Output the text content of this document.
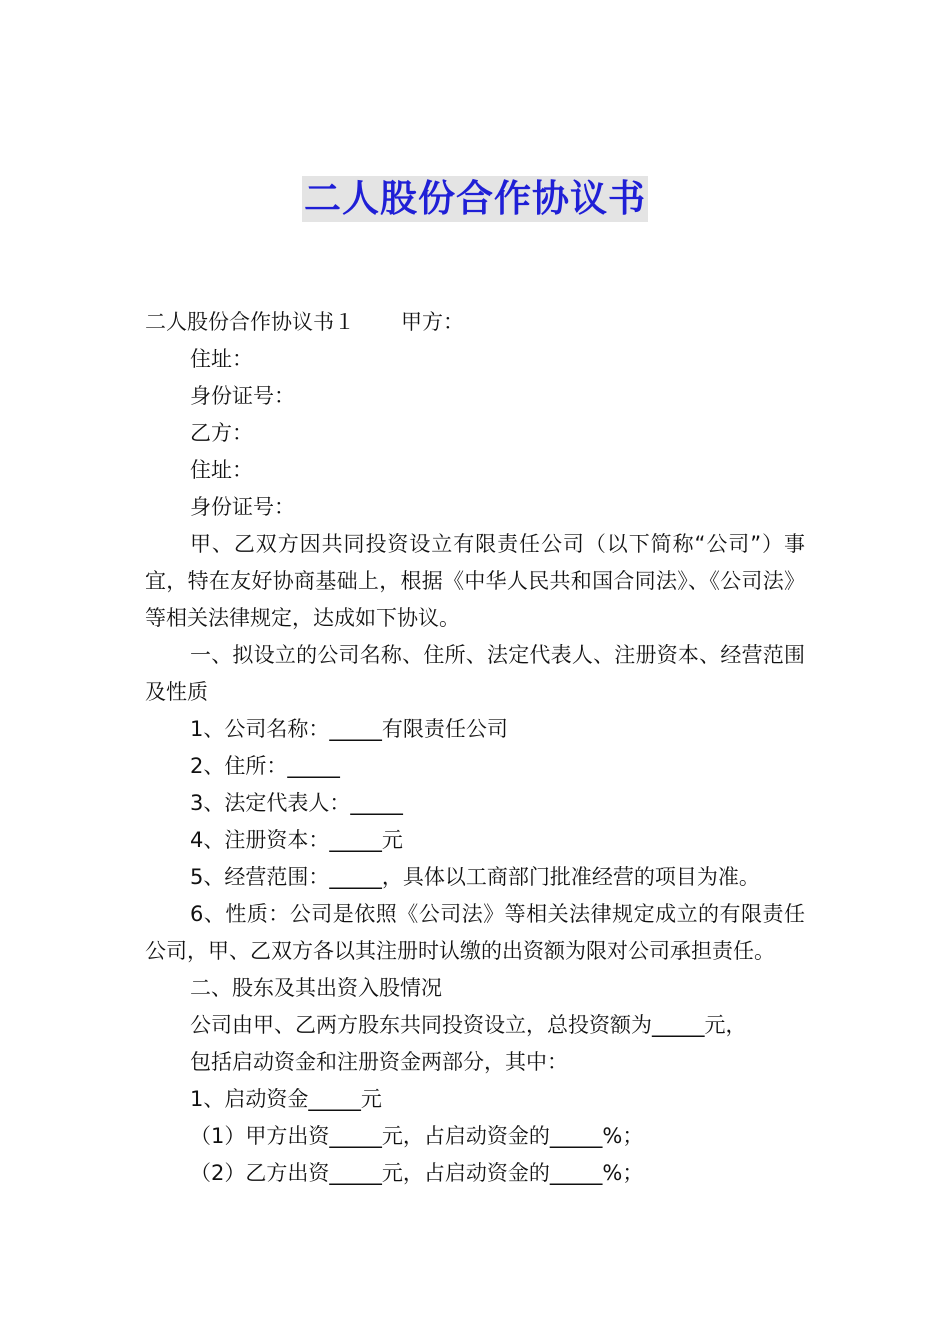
二人股份合作协议书

二人股份合作协议书１ 甲方：

住址：

身份证号：

乙方：

住址：

身份证号：

甲、乙双方因共同投资设立有限责任公司（以下简称“公司”）事宜，特在友好协商基础上，根据《中华人民共和国合同法》、《公司法》等相关法律规定，达成如下协议。

一、拟设立的公司名称、住所、法定代表人、注册资本、经营范围及性质

1、公司名称：_____有限责任公司

2、住所：_____

3、法定代表人：_____

4、注册资本：_____元

5、经营范围：_____，具体以工商部门批准经营的项目为准。

6、性质：公司是依照《公司法》等相关法律规定成立的有限责任公司，甲、乙双方各以其注册时认缴的出资额为限对公司承担责任。

二、股东及其出资入股情况

公司由甲、乙两方股东共同投资设立，总投资额为_____元，

包括启动资金和注册资金两部分，其中：

1、启动资金_____元

（1）甲方出资_____元，占启动资金的_____%；

（2）乙方出资_____元，占启动资金的_____%；
